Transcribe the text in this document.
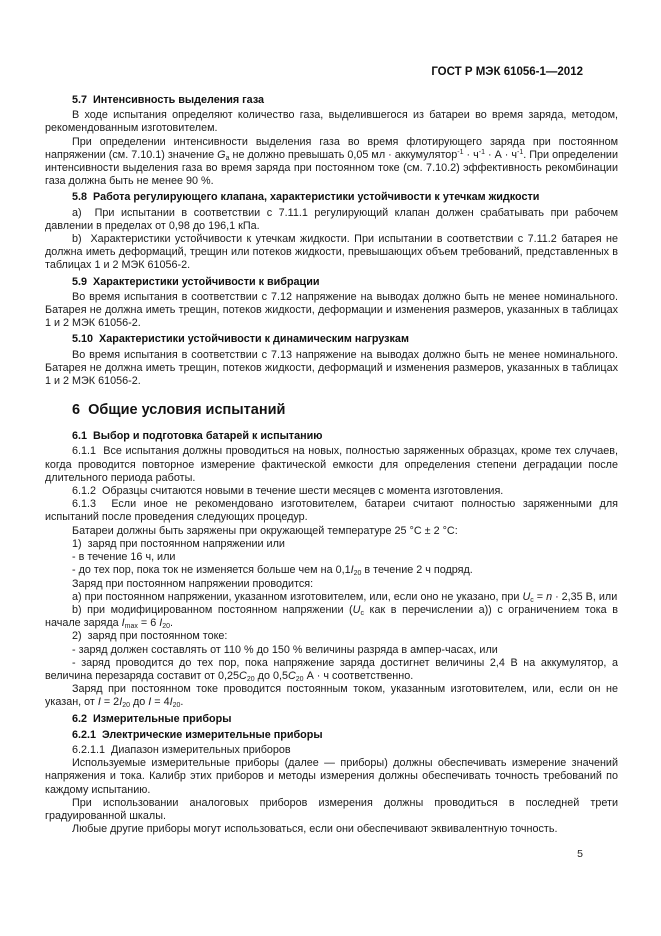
ГОСТ Р МЭК 61056-1—2012
5.7  Интенсивность выделения газа

В ходе испытания определяют количество газа, выделившегося из батареи во время заряда, методом, рекомендованным изготовителем.

При определении интенсивности выделения газа во время флотирующего заряда при постоянном напряжении (см. 7.10.1) значение $G_а$ не должно превышать 0,05 мл · аккумулятор$^{-1}$ · $ч^{-1} \cdot А \cdot ч^{-1}$. При определении интенсивности выделения газа во время заряда при постоянном токе (см. 7.10.2) эффективность рекомбинации газа должна быть не менее 90 %.

5.8  Работа регулирующего клапана, характеристики устойчивости к утечкам жидкости

a)  При испытании в соответствии с 7.11.1 регулирующий клапан должен срабатывать при рабочем давлении в пределах от 0,98 до 196,1 кПа.

b)  Характеристики устойчивости к утечкам жидкости. При испытании в соответствии с 7.11.2 батарея не должна иметь деформаций, трещин или потеков жидкости, превышающих объем требований, представленных в таблицах 1 и 2 МЭК 61056-2.

5.9  Характеристики устойчивости к вибрации

Во время испытания в соответствии с 7.12 напряжение на выводах должно быть не менее номинального. Батарея не должна иметь трещин, потеков жидкости, деформации и изменения размеров, указанных в таблицах 1 и 2 МЭК 61056-2.

5.10  Характеристики устойчивости к динамическим нагрузкам

Во время испытания в соответствии с 7.13 напряжение на выводах должно быть не менее номинального. Батарея не должна иметь трещин, потеков жидкости, деформаций и изменения размеров, указанных в таблицах 1 и 2 МЭК 61056-2.

6  Общие условия испытаний
6.1  Выбор и подготовка батарей к испытанию

6.1.1  Все испытания должны проводиться на новых, полностью заряженных образцах, кроме тех случаев, когда проводится повторное измерение фактической емкости для определения степени деградации после длительного периода работы.

6.1.2  Образцы считаются новыми в течение шести месяцев с момента изготовления.

6.1.3  Если иное не рекомендовано изготовителем, батареи считают полностью заряженными для испытаний после проведения следующих процедур.

Батареи должны быть заряжены при окружающей температуре 25 °С ± 2 °С:

1)  заряд при постоянном напряжении или

- в течение 16 ч, или

- до тех пор, пока ток не изменяется больше чем на $0,1I_{20}$ в течение 2 ч подряд.

Заряд при постоянном напряжении проводится:

а) при постоянном напряжении, указанном изготовителем, или, если оно не указано, при $U_с = n \cdot 2,35$ В, или

b) при модифицированном постоянном напряжении ($U_с$ как в перечислении а)) с ограничением тока в начале заряда $I_{max} = 6$ $I_{20}$.

2)  заряд при постоянном токе:

- заряд должен составлять от 110 % до 150 % величины разряда в ампер-часах, или

- заряд проводится до тех пор, пока напряжение заряда достигнет величины 2,4 В на аккумулятор, а величина перезаряда составит от $0,25C_{20}$ до $0,5C_{20}$ А · ч соответственно.

Заряд при постоянном токе проводится постоянным током, указанным изготовителем, или, если он не указан, от $I = 2I_{20}$ до $I = 4I_{20}$.

6.2  Измерительные приборы
6.2.1  Электрические измерительные приборы

6.2.1.1  Диапазон измерительных приборов

Используемые измерительные приборы (далее — приборы) должны обеспечивать измерение значений напряжения и тока. Калибр этих приборов и методы измерения должны обеспечивать точность требований по каждому испытанию.

При использовании аналоговых приборов измерения должны проводиться в последней трети градуированной шкалы.

Любые другие приборы могут использоваться, если они обеспечивают эквивалентную точность.

5
